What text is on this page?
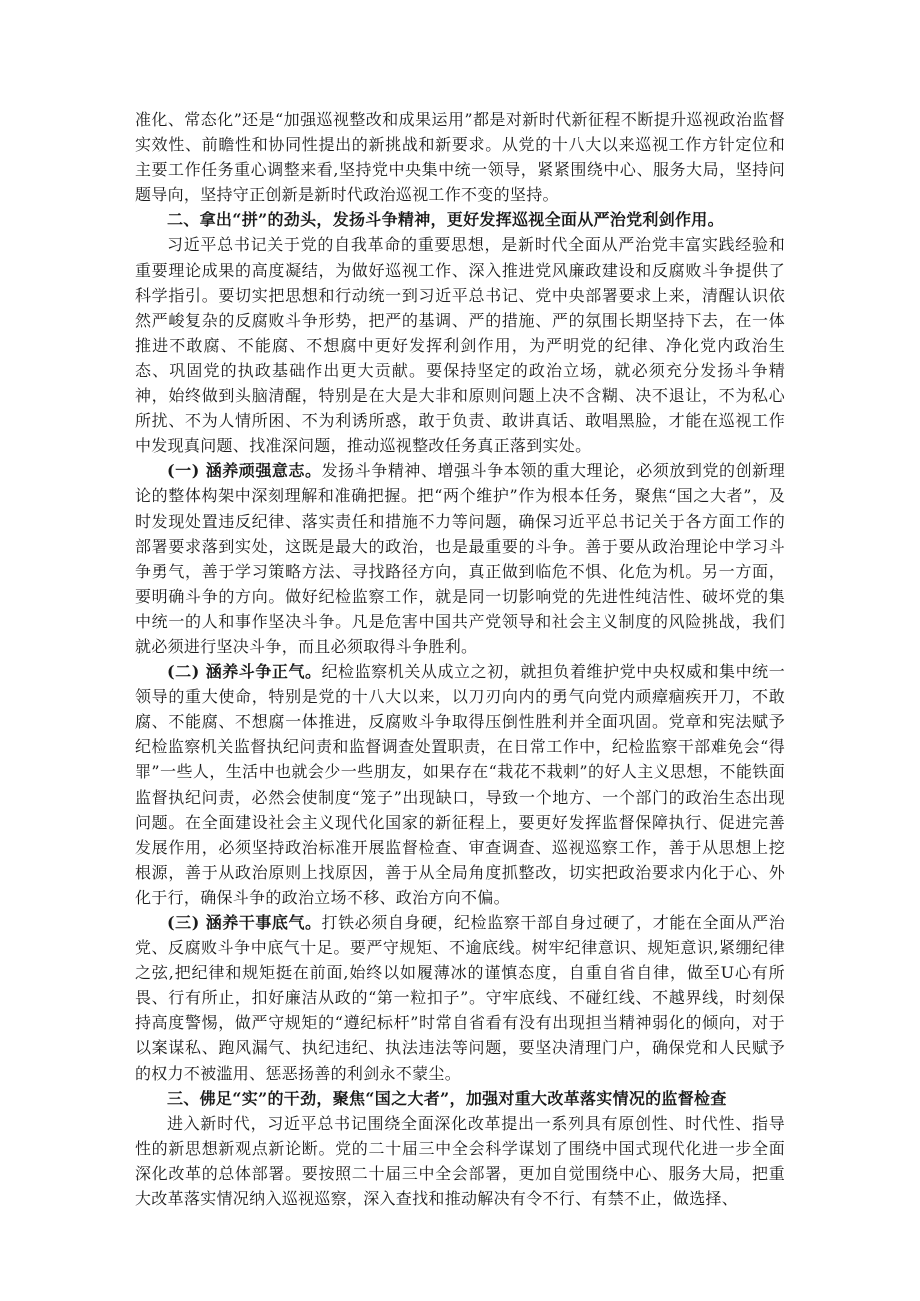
准化、常态化”还是“加强巡视整改和成果运用”都是对新时代新征程不断提升巡视政治监督实效性、前瞻性和协同性提出的新挑战和新要求。从党的十八大以来巡视工作方针定位和主要工作任务重心调整来看,坚持党中央集中统一领导，紧紧围绕中心、服务大局，坚持问题导向，坚持守正创新是新时代政治巡视工作不变的坚持。

二、拿出“拼”的劲头，发扬斗争精神，更好发挥巡视全面从严治党利剑作用。

习近平总书记关于党的自我革命的重要思想，是新时代全面从严治党丰富实践经验和重要理论成果的高度凝结，为做好巡视工作、深入推进党风廉政建设和反腐败斗争提供了科学指引。要切实把思想和行动统一到习近平总书记、党中央部署要求上来，清醒认识依然严峻复杂的反腐败斗争形势，把严的基调、严的措施、严的氛围长期坚持下去，在一体推进不敢腐、不能腐、不想腐中更好发挥利剑作用，为严明党的纪律、净化党内政治生态、巩固党的执政基础作出更大贡献。要保持坚定的政治立场，就必须充分发扬斗争精神，始终做到头脑清醒，特别是在大是大非和原则问题上决不含糊、决不退让，不为私心所扰、不为人情所困、不为利诱所惑，敢于负责、敢讲真话、敢唱黑脸，才能在巡视工作中发现真问题、找准深问题，推动巡视整改任务真正落到实处。

(一) 涵养顽强意志。发扬斗争精神、增强斗争本领的重大理论，必须放到党的创新理论的整体构架中深刻理解和准确把握。把“两个维护”作为根本任务，聚焦“国之大者”，及时发现处置违反纪律、落实责任和措施不力等问题，确保习近平总书记关于各方面工作的部署要求落到实处，这既是最大的政治，也是最重要的斗争。善于要从政治理论中学习斗争勇气，善于学习策略方法、寻找路径方向，真正做到临危不惧、化危为机。另一方面，要明确斗争的方向。做好纪检监察工作，就是同一切影响党的先进性纯洁性、破坏党的集中统一的人和事作坚决斗争。凡是危害中国共产党领导和社会主义制度的风险挑战，我们就必须进行坚决斗争，而且必须取得斗争胜利。

(二) 涵养斗争正气。纪检监察机关从成立之初，就担负着维护党中央权威和集中统一领导的重大使命，特别是党的十八大以来，以刀刃向内的勇气向党内顽瘴痼疾开刀，不敢腐、不能腐、不想腐一体推进，反腐败斗争取得压倒性胜利并全面巩固。党章和宪法赋予纪检监察机关监督执纪问责和监督调查处置职责，在日常工作中，纪检监察干部难免会“得罪”一些人，生活中也就会少一些朋友，如果存在“栽花不栽刺”的好人主义思想，不能铁面监督执纪问责，必然会使制度“笼子”出现缺口，导致一个地方、一个部门的政治生态出现问题。在全面建设社会主义现代化国家的新征程上，要更好发挥监督保障执行、促进完善发展作用，必须坚持政治标准开展监督检查、审查调查、巡视巡察工作，善于从思想上挖根源，善于从政治原则上找原因，善于从全局角度抓整改，切实把政治要求内化于心、外化于行，确保斗争的政治立场不移、政治方向不偏。

(三) 涵养干事底气。打铁必须自身硬，纪检监察干部自身过硬了，才能在全面从严治党、反腐败斗争中底气十足。要严守规矩、不逾底线。树牢纪律意识、规矩意识,紧绷纪律之弦,把纪律和规矩挺在前面,始终以如履薄冰的谨慎态度，自重自省自律，做至U心有所畏、行有所止，扣好廉洁从政的“第一粒扣子”。守牢底线、不碰红线、不越界线，时刻保持高度警惕，做严守规矩的“遵纪标杆”时常自省看有没有出现担当精神弱化的倾向，对于以案谋私、跑风漏气、执纪违纪、执法违法等问题，要坚决清理门户，确保党和人民赋予的权力不被滥用、惩恶扬善的利剑永不蒙尘。

三、佛足“实”的干劲，聚焦“国之大者”，加强对重大改革落实情况的监督检查

进入新时代，习近平总书记围绕全面深化改革提出一系列具有原创性、时代性、指导性的新思想新观点新论断。党的二十届三中全会科学谋划了围绕中国式现代化进一步全面深化改革的总体部署。要按照二十届三中全会部署，更加自觉围绕中心、服务大局，把重大改革落实情况纳入巡视巡察，深入查找和推动解决有令不行、有禁不止，做选择、
